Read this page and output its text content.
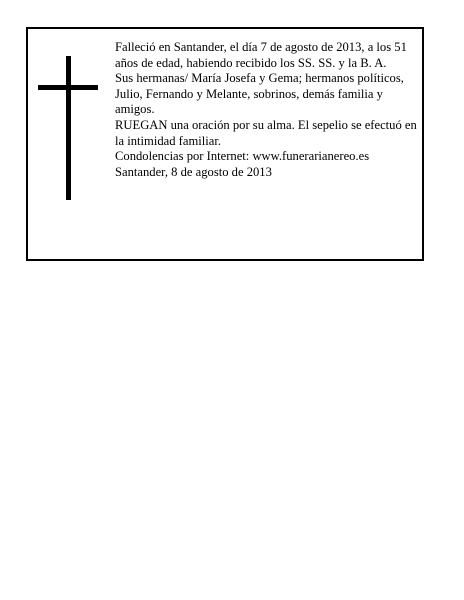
Falleció en Santander, el día 7 de agosto de 2013, a los 51 años de edad, habiendo recibido los SS. SS. y la B. A.

Sus hermanas/ María Josefa y Gema; hermanos políticos, Julio, Fernando y Melante, sobrinos, demás familia y amigos.

RUEGAN una oración por su alma. El sepelio se efectuó en la intimidad familiar.

Condolencias por Internet: www.funerarianereo.es

Santander, 8 de agosto de 2013
